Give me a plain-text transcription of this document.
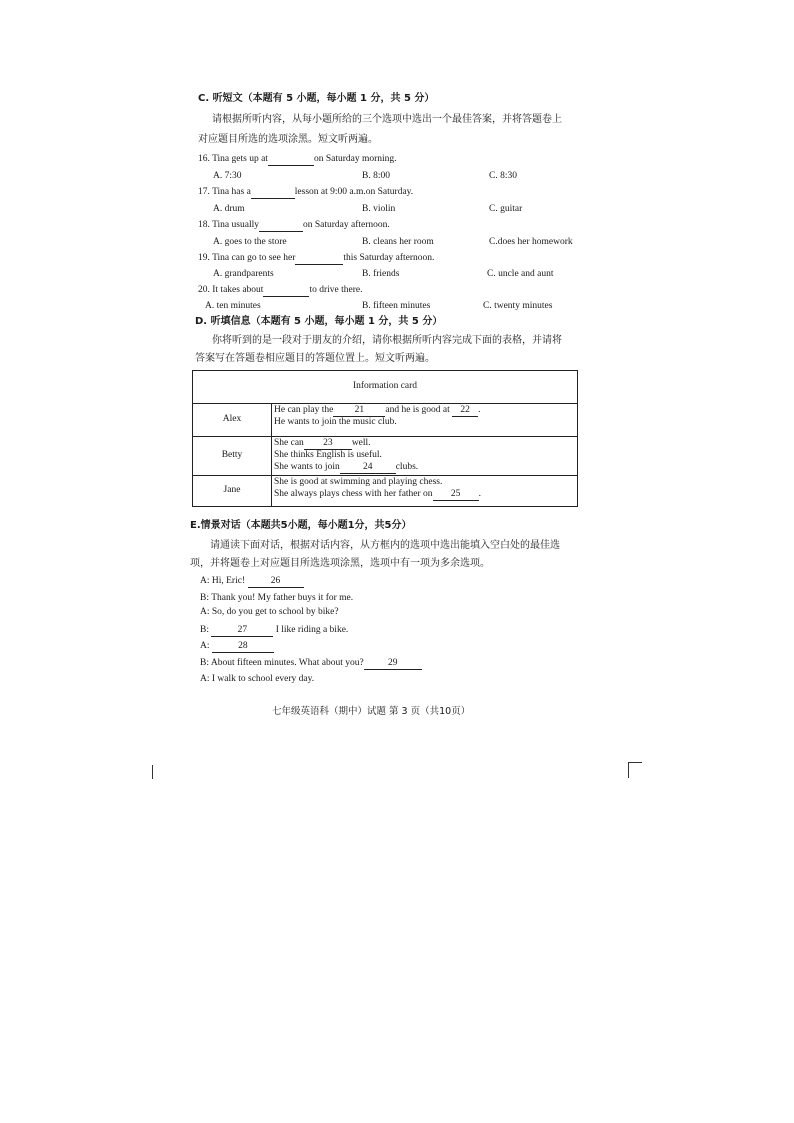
C. 听短文（本题有 5 小题，每小题 1 分，共 5 分）
请根据所听内容，从每小题所给的三个选项中选出一个最佳答案，并将答题卷上
对应题目所选的选项涂黑。短文听两遍。
16. Tina gets up at	on Saturday morning.
A. 7:30	B. 8:00	C. 8:30
17. Tina has a	lesson at 9:00 a.m.on Saturday.
A. drum	B. violin	C. guitar
18. Tina usually	on Saturday afternoon.
A. goes to the store	B. cleans her room	C.does her homework
19. Tina can go to see her	this Saturday afternoon.
A. grandparents	B. friends	C. uncle and aunt
20. It takes about	to drive there.
A. ten minutes	B. fifteen minutes	C. twenty minutes
D. 听填信息（本题有 5 小题，每小题 1 分，共 5 分）
你将听到的是一段对于朋友的介绍，请你根据所听内容完成下面的表格，并请将
答案写在答题卷相应题目的答题位置上。短文听两遍。
Information card	
Alex	He can play the 21 and he is good at 22 .
He wants to join the music club.

Betty	She can 23 well.
She thinks English is useful.
She wants to join 24 clubs.

Jane	She is good at swimming and playing chess.
She always plays chess with her father on 25 .
E.情景对话（本题共5小题，每小题1分，共5分）
请通读下面对话，根据对话内容，从方框内的选项中选出能填入空白处的最佳选
项，并将题卷上对应题目所选选项涂黑，选项中有一项为多余选项。
A: Hi, Eric!	26
B: Thank you! My father buys it for me.
A: So, do you get to school by bike?
B:	27	I like riding a bike.
A:	28
B: About fifteen minutes. What about you?	29
A: I walk to school every day.
七年级英语科（期中）试题 第 3 页（共10页）
